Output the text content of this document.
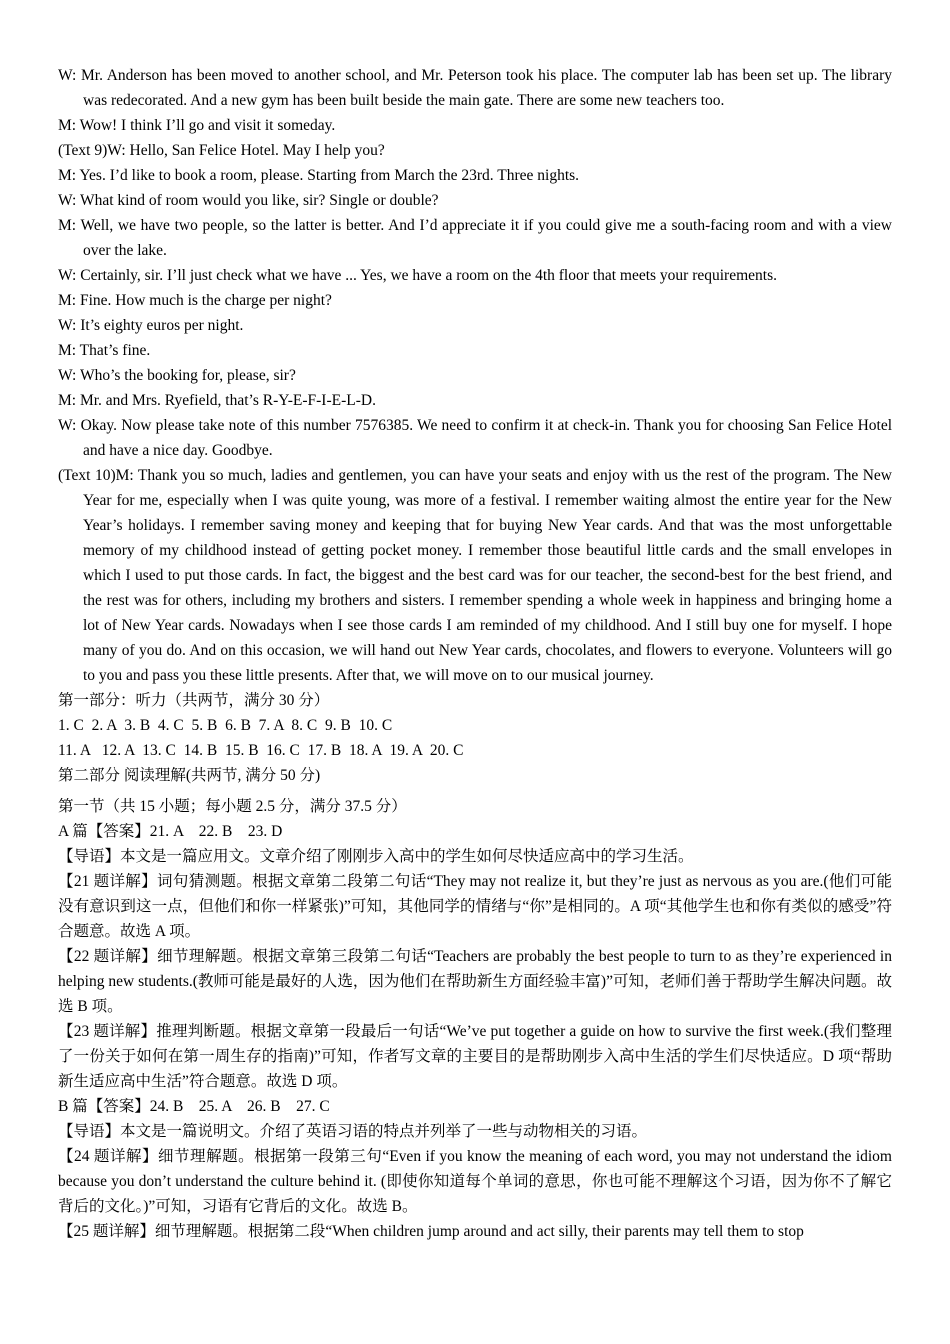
W: Mr. Anderson has been moved to another school, and Mr. Peterson took his place. The computer lab has been set up. The library was redecorated. And a new gym has been built beside the main gate. There are some new teachers too.

M: Wow! I think I’ll go and visit it someday.

(Text 9)W: Hello, San Felice Hotel. May I help you?

M: Yes. I’d like to book a room, please. Starting from March the 23rd. Three nights.

W: What kind of room would you like, sir? Single or double?

M: Well, we have two people, so the latter is better. And I’d appreciate it if you could give me a south-facing room and with a view over the lake.

W: Certainly, sir. I’ll just check what we have ... Yes, we have a room on the 4th floor that meets your requirements.

M: Fine. How much is the charge per night?

W: It’s eighty euros per night.

M: That’s fine.

W: Who’s the booking for, please, sir?

M: Mr. and Mrs. Ryefield, that’s R-Y-E-F-I-E-L-D.

W: Okay. Now please take note of this number 7576385. We need to confirm it at check-in. Thank you for choosing San Felice Hotel and have a nice day. Goodbye.

(Text 10)M: Thank you so much, ladies and gentlemen, you can have your seats and enjoy with us the rest of the program. The New Year for me, especially when I was quite young, was more of a festival. I remember waiting almost the entire year for the New Year’s holidays. I remember saving money and keeping that for buying New Year cards. And that was the most unforgettable memory of my childhood instead of getting pocket money. I remember those beautiful little cards and the small envelopes in which I used to put those cards. In fact, the biggest and the best card was for our teacher, the second-best for the best friend, and the rest was for others, including my brothers and sisters. I remember spending a whole week in happiness and bringing home a lot of New Year cards. Nowadays when I see those cards I am reminded of my childhood. And I still buy one for myself. I hope many of you do. And on this occasion, we will hand out New Year cards, chocolates, and flowers to everyone. Volunteers will go to you and pass you these little presents. After that, we will move on to our musical journey.

第一部分：听力（共两节，满分 30 分）

1. C  2. A  3. B  4. C  5. B  6. B  7. A  8. C  9. B  10. C

11. A   12. A  13. C  14. B  15. B  16. C  17. B  18. A  19. A  20. C

第二部分 阅读理解(共两节, 满分 50 分)

第一节（共 15 小题；每小题 2.5 分，满分 37.5 分）

A 篇【答案】21. A    22. B    23. D

【导语】本文是一篇应用文。文章介绍了刚刚步入高中的学生如何尽快适应高中的学习生活。

【21 题详解】词句猜测题。根据文章第二段第二句话“They may not realize it, but they’re just as nervous as you are.(他们可能没有意识到这一点，但他们和你一样紧张)”可知，其他同学的情绪与“你”是相同的。A 项“其他学生也和你有类似的感受”符合题意。故选 A 项。

【22 题详解】细节理解题。根据文章第三段第二句话“Teachers are probably the best people to turn to as they’re experienced in helping new students.(教师可能是最好的人选，因为他们在帮助新生方面经验丰富)”可知，老师们善于帮助学生解决问题。故选 B 项。

【23 题详解】推理判断题。根据文章第一段最后一句话“We’ve put together a guide on how to survive the first week.(我们整理了一份关于如何在第一周生存的指南)”可知，作者写文章的主要目的是帮助刚步入高中生活的学生们尽快适应。D 项“帮助新生适应高中生活”符合题意。故选 D 项。

B 篇【答案】24. B    25. A    26. B    27. C

【导语】本文是一篇说明文。介绍了英语习语的特点并列举了一些与动物相关的习语。

【24 题详解】细节理解题。根据第一段第三句“Even if you know the meaning of each word, you may not understand the idiom because you don’t understand the culture behind it. (即使你知道每个单词的意思，你也可能不理解这个习语，因为你不了解它背后的文化。)”可知，习语有它背后的文化。故选 B。

【25 题详解】细节理解题。根据第二段“When children jump around and act silly, their parents may tell them to stop
